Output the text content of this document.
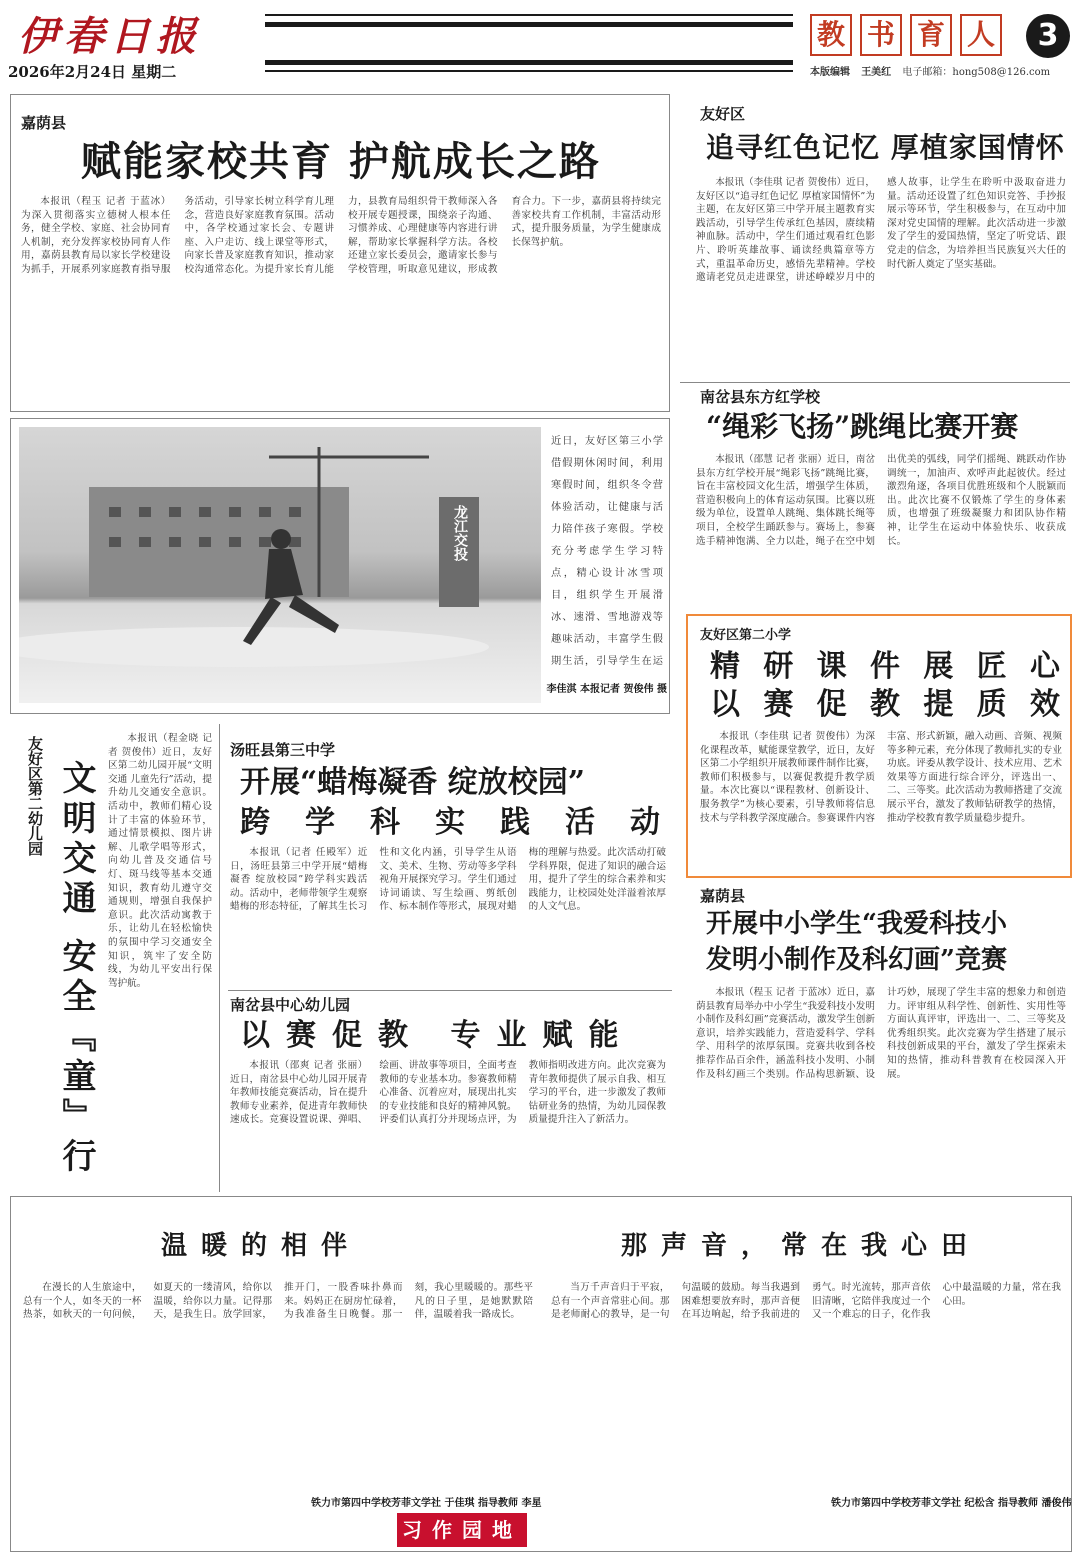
伊春日报
2026年2月24日 星期二
教 书 育 人	3
本版编辑 王美红 电子邮箱：hong508@126.com
嘉荫县
赋能家校共育 护航成长之路

本报讯（程玉 记者 于蓝冰）为深入贯彻落实立德树人根本任务，健全学校、家庭、社会协同育人机制，充分发挥家校协同育人作用，嘉荫县教育局以家长学校建设为抓手，开展系列家庭教育指导服务活动，引导家长树立科学育儿理念，营造良好家庭教育氛围。活动中，各学校通过家长会、专题讲座、入户走访、线上课堂等形式，向家长普及家庭教育知识，推动家校沟通常态化。为提升家长育儿能力，县教育局组织骨干教师深入各校开展专题授课，围绕亲子沟通、习惯养成、心理健康等内容进行讲解，帮助家长掌握科学方法。各校还建立家长委员会，邀请家长参与学校管理，听取意见建议，形成教育合力。下一步，嘉荫县将持续完善家校共育工作机制，丰富活动形式，提升服务质量，为学生健康成长保驾护航。

龙江交投
近日，友好区第三小学借假期休闲时间，利用寒假时间，组织冬令营体验活动，让健康与活力陪伴孩子寒假。学校充分考虑学生学习特点，精心设计冰雪项目，组织学生开展滑冰、速滑、雪地游戏等趣味活动，丰富学生假期生活，引导学生在运
李佳淇 本报记者 贺俊伟 摄
友好区
追寻红色记忆 厚植家国情怀

本报讯（李佳琪 记者 贺俊伟）近日，友好区以“追寻红色记忆 厚植家国情怀”为主题，在友好区第三中学开展主题教育实践活动，引导学生传承红色基因，赓续精神血脉。活动中，学生们通过观看红色影片、聆听英雄故事、诵读经典篇章等方式，重温革命历史，感悟先辈精神。学校邀请老党员走进课堂，讲述峥嵘岁月中的感人故事，让学生在聆听中汲取奋进力量。活动还设置了红色知识竞答、手抄报展示等环节，学生积极参与，在互动中加深对党史国情的理解。此次活动进一步激发了学生的爱国热情，坚定了听党话、跟党走的信念，为培养担当民族复兴大任的时代新人奠定了坚实基础。

南岔县东方红学校
“绳彩飞扬”跳绳比赛开赛

本报讯（邵慧 记者 张丽）近日，南岔县东方红学校开展“绳彩飞扬”跳绳比赛，旨在丰富校园文化生活，增强学生体质，营造积极向上的体育运动氛围。比赛以班级为单位，设置单人跳绳、集体跳长绳等项目，全校学生踊跃参与。赛场上，参赛选手精神饱满、全力以赴，绳子在空中划出优美的弧线，同学们摇绳、跳跃动作协调统一，加油声、欢呼声此起彼伏。经过激烈角逐，各项目优胜班级和个人脱颖而出。此次比赛不仅锻炼了学生的身体素质，也增强了班级凝聚力和团队协作精神，让学生在运动中体验快乐、收获成长。

友好区第二小学
精研课件展匠心
以赛促教提质效

本报讯（李佳琪 记者 贺俊伟）为深化课程改革，赋能课堂教学，近日，友好区第二小学组织开展教师课件制作比赛，教师们积极参与，以赛促教提升教学质量。本次比赛以“课程教材、创新设计、服务教学”为核心要素，引导教师将信息技术与学科教学深度融合。参赛课件内容丰富、形式新颖，融入动画、音频、视频等多种元素，充分体现了教师扎实的专业功底。评委从教学设计、技术应用、艺术效果等方面进行综合评分，评选出一、二、三等奖。此次活动为教师搭建了交流展示平台，激发了教师钻研教学的热情，推动学校教育教学质量稳步提升。

嘉荫县
开展中小学生“我爱科技小
发明小制作及科幻画”竞赛

本报讯（程玉 记者 于蓝冰）近日，嘉荫县教育局举办中小学生“我爱科技小发明小制作及科幻画”竞赛活动，激发学生创新意识，培养实践能力，营造爱科学、学科学、用科学的浓厚氛围。竞赛共收到各校推荐作品百余件，涵盖科技小发明、小制作及科幻画三个类别。作品构思新颖、设计巧妙，展现了学生丰富的想象力和创造力。评审组从科学性、创新性、实用性等方面认真评审，评选出一、二、三等奖及优秀组织奖。此次竞赛为学生搭建了展示科技创新成果的平台，激发了学生探索未知的热情，推动科普教育在校园深入开展。

友好区第二幼儿园 文明交通 安全『童』行

本报讯（程金晓 记者 贺俊伟）近日，友好区第二幼儿园开展“文明交通 儿童先行”活动，提升幼儿交通安全意识。活动中，教师们精心设计了丰富的体验环节，通过情景模拟、图片讲解、儿歌学唱等形式，向幼儿普及交通信号灯、斑马线等基本交通知识，教育幼儿遵守交通规则，增强自我保护意识。此次活动寓教于乐，让幼儿在轻松愉快的氛围中学习交通安全知识，筑牢了安全防线，为幼儿平安出行保驾护航。

汤旺县第三中学
开展“蜡梅凝香 绽放校园”
跨学科实践活动

本报讯（记者 任殿军）近日，汤旺县第三中学开展“蜡梅凝香 绽放校园”跨学科实践活动。活动中，老师带领学生观察蜡梅的形态特征，了解其生长习性和文化内涵，引导学生从语文、美术、生物、劳动等多学科视角开展探究学习。学生们通过诗词诵读、写生绘画、剪纸创作、标本制作等形式，展现对蜡梅的理解与热爱。此次活动打破学科界限，促进了知识的融合运用，提升了学生的综合素养和实践能力，让校园处处洋溢着浓厚的人文气息。

南岔县中心幼儿园
以赛促教 专业赋能

本报讯（邵爽 记者 张丽）近日，南岔县中心幼儿园开展青年教师技能竞赛活动，旨在提升教师专业素养，促进青年教师快速成长。竞赛设置说课、弹唱、绘画、讲故事等项目，全面考查教师的专业基本功。参赛教师精心准备、沉着应对，展现出扎实的专业技能和良好的精神风貌。评委们认真打分并现场点评，为教师指明改进方向。此次竞赛为青年教师提供了展示自我、相互学习的平台，进一步激发了教师钻研业务的热情，为幼儿园保教质量提升注入了新活力。

温暖的相伴	那声音，常在我心田

在漫长的人生旅途中，总有一个人，如冬天的一杯热茶，如秋天的一句问候，如夏天的一缕清风，给你以温暖，给你以力量。记得那天，是我生日。放学回家，推开门，一股香味扑鼻而来。妈妈正在厨房忙碌着，为我准备生日晚餐。那一刻，我心里暖暖的。那些平凡的日子里，是她默默陪伴，温暖着我一路成长。

铁力市第四中学校芳菲文学社 于佳琪 指导教师 李星
习作园地

当万千声音归于平寂，总有一个声音常驻心间。那是老师耐心的教导，是一句句温暖的鼓励。每当我遇到困难想要放弃时，那声音便在耳边响起，给予我前进的勇气。时光流转，那声音依旧清晰，它陪伴我度过一个又一个难忘的日子，化作我心中最温暖的力量，常在我心田。

铁力市第四中学校芳菲文学社 纪松含 指导教师 潘俊伟
